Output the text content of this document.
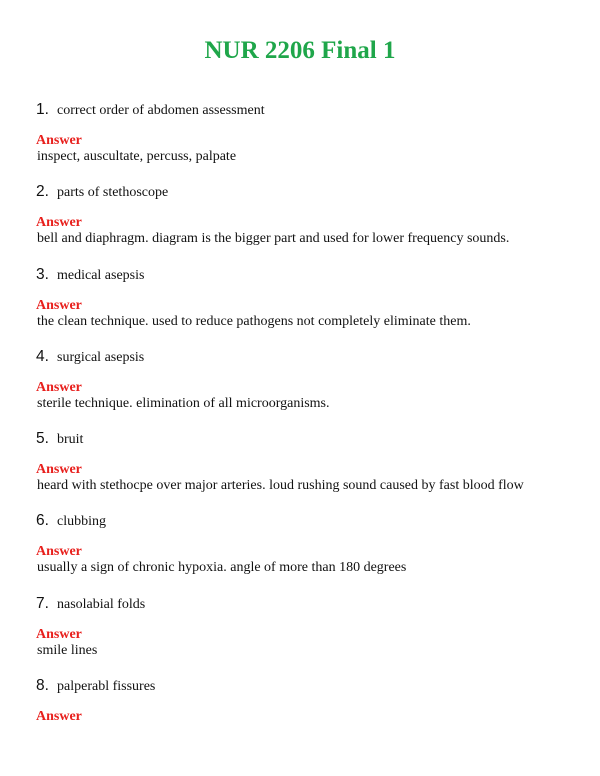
NUR 2206 Final 1
1. correct order of abdomen assessment
Answer
inspect, auscultate, percuss, palpate
2. parts of stethoscope
Answer
bell and diaphragm. diagram is the bigger part and used for lower frequency sounds.
3. medical asepsis
Answer
the clean technique. used to reduce pathogens not completely eliminate them.
4. surgical asepsis
Answer
sterile technique. elimination of all microorganisms.
5. bruit
Answer
heard with stethocpe over major arteries. loud rushing sound caused by fast blood flow
6. clubbing
Answer
usually a sign of chronic hypoxia. angle of more than 180 degrees
7. nasolabial folds
Answer
smile lines
8. palperabl fissures
Answer
